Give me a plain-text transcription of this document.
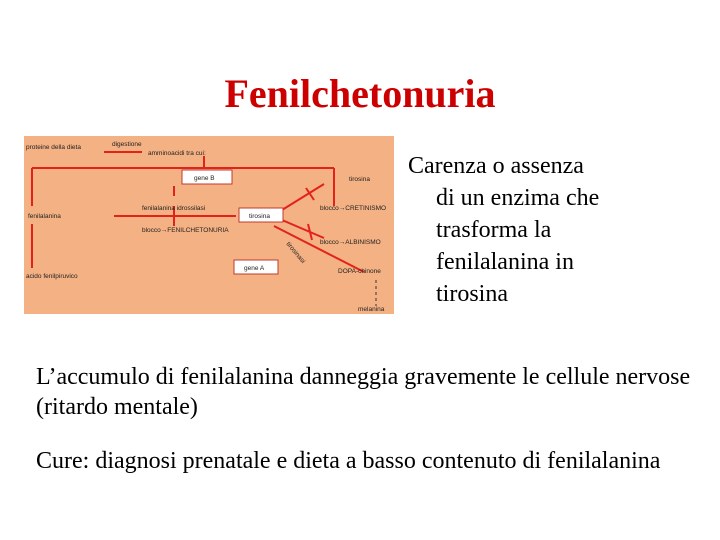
Fenilchetonuria
proteine della dieta	digestione
amminoacidi tra cui:
gene B	tirosina
blocco→CRETINISMO
fenilalanina
fenilalanina idrossilasi
tirosina
blocco→FENILCHETONURIA
blocco→ALBINISMO
tirosinasi
gene A	DOPA-chinone
acido fenilpiruvico
melanina
Carenza o assenza
di un enzima che
trasforma la
fenilalanina in
tirosina
L’accumulo di fenilalanina danneggia gravemente le cellule nervose (ritardo mentale)
Cure: diagnosi prenatale e dieta a basso contenuto di fenilalanina
